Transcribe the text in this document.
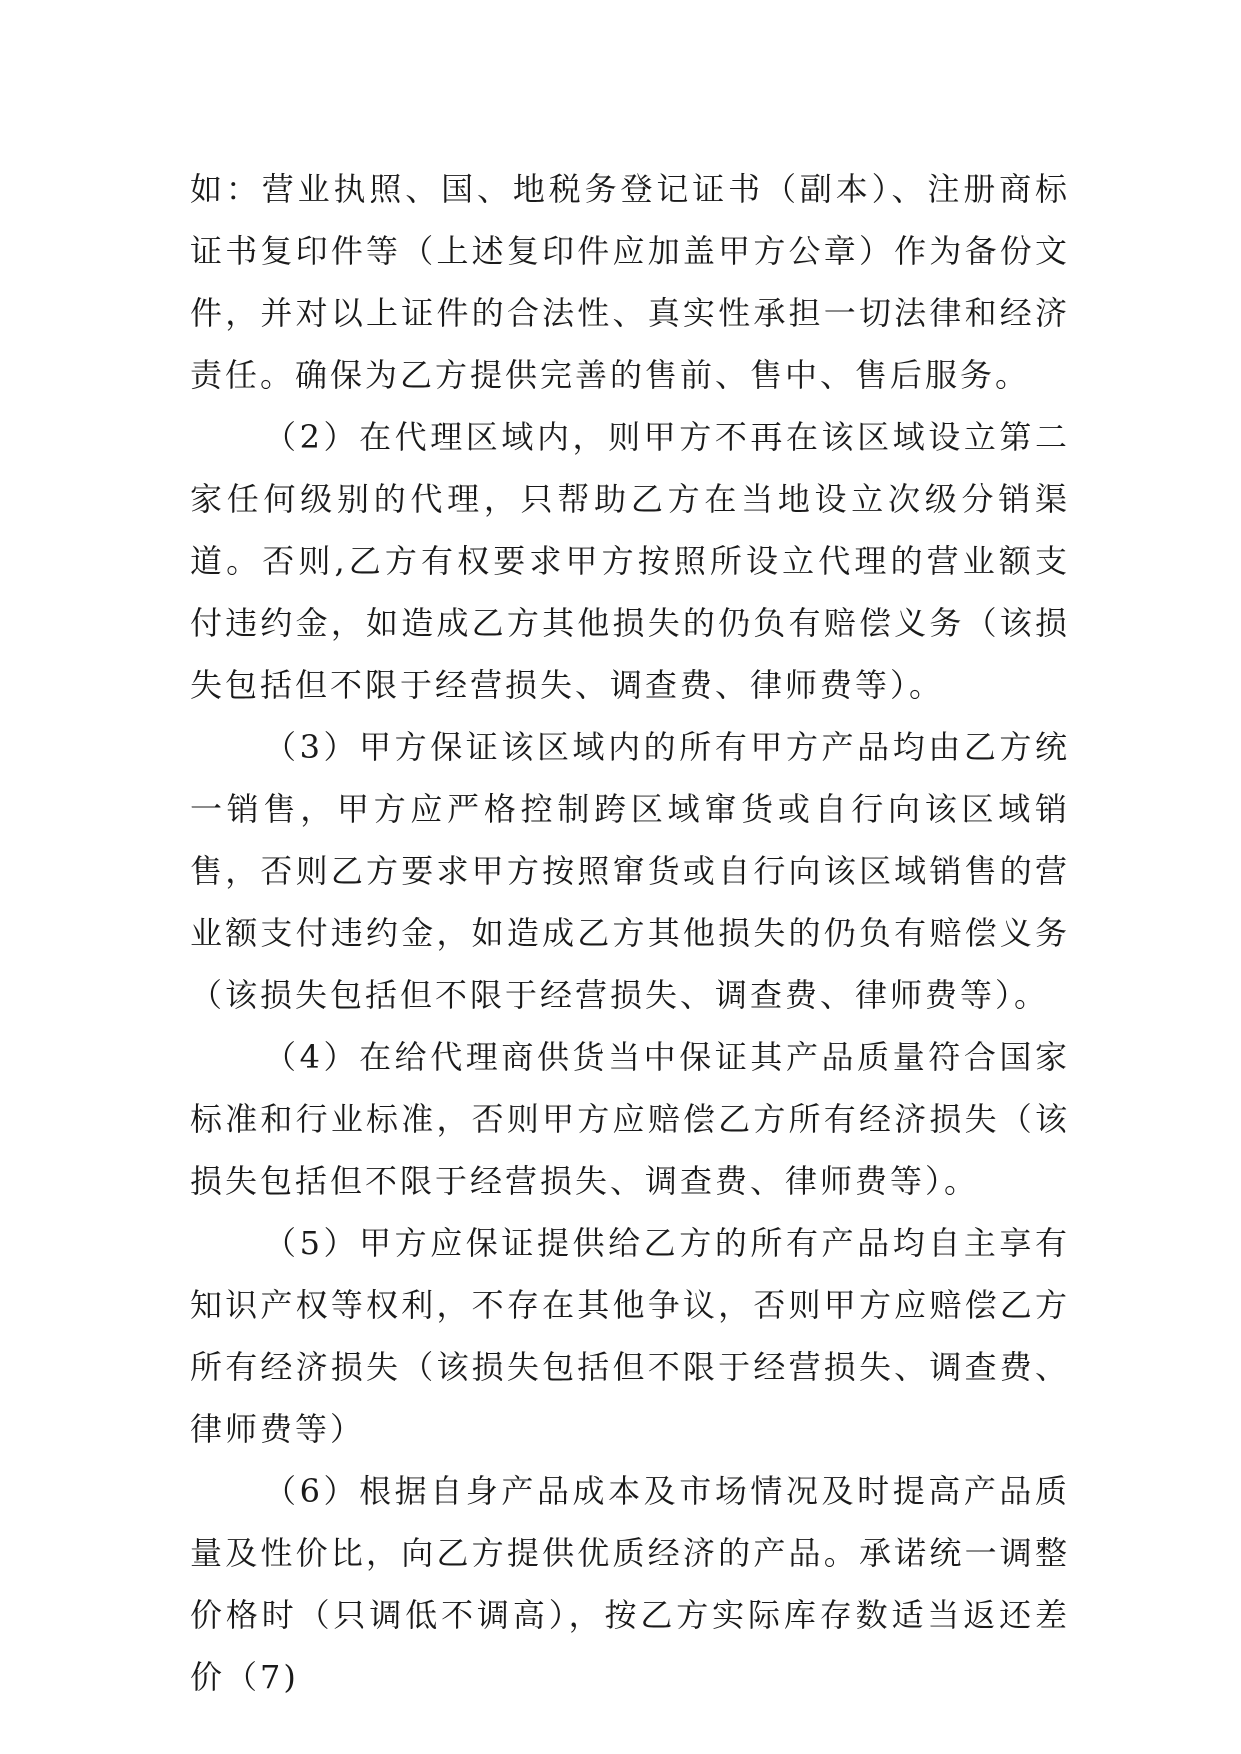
如：营业执照、国、地税务登记证书（副本）、注册商标证书复印件等（上述复印件应加盖甲方公章）作为备份文件，并对以上证件的合法性、真实性承担一切法律和经济责任。确保为乙方提供完善的售前、售中、售后服务。

（2）在代理区域内，则甲方不再在该区域设立第二家任何级别的代理，只帮助乙方在当地设立次级分销渠道。否则,乙方有权要求甲方按照所设立代理的营业额支付违约金，如造成乙方其他损失的仍负有赔偿义务（该损失包括但不限于经营损失、调查费、律师费等）。

（3）甲方保证该区域内的所有甲方产品均由乙方统一销售，甲方应严格控制跨区域窜货或自行向该区域销售，否则乙方要求甲方按照窜货或自行向该区域销售的营业额支付违约金，如造成乙方其他损失的仍负有赔偿义务（该损失包括但不限于经营损失、调查费、律师费等）。

（4）在给代理商供货当中保证其产品质量符合国家标准和行业标准，否则甲方应赔偿乙方所有经济损失（该损失包括但不限于经营损失、调查费、律师费等）。

（5）甲方应保证提供给乙方的所有产品均自主享有知识产权等权利，不存在其他争议，否则甲方应赔偿乙方所有经济损失（该损失包括但不限于经营损失、调查费、律师费等）

（6）根据自身产品成本及市场情况及时提高产品质量及性价比，向乙方提供优质经济的产品。承诺统一调整价格时（只调低不调高），按乙方实际库存数适当返还差价（7)
